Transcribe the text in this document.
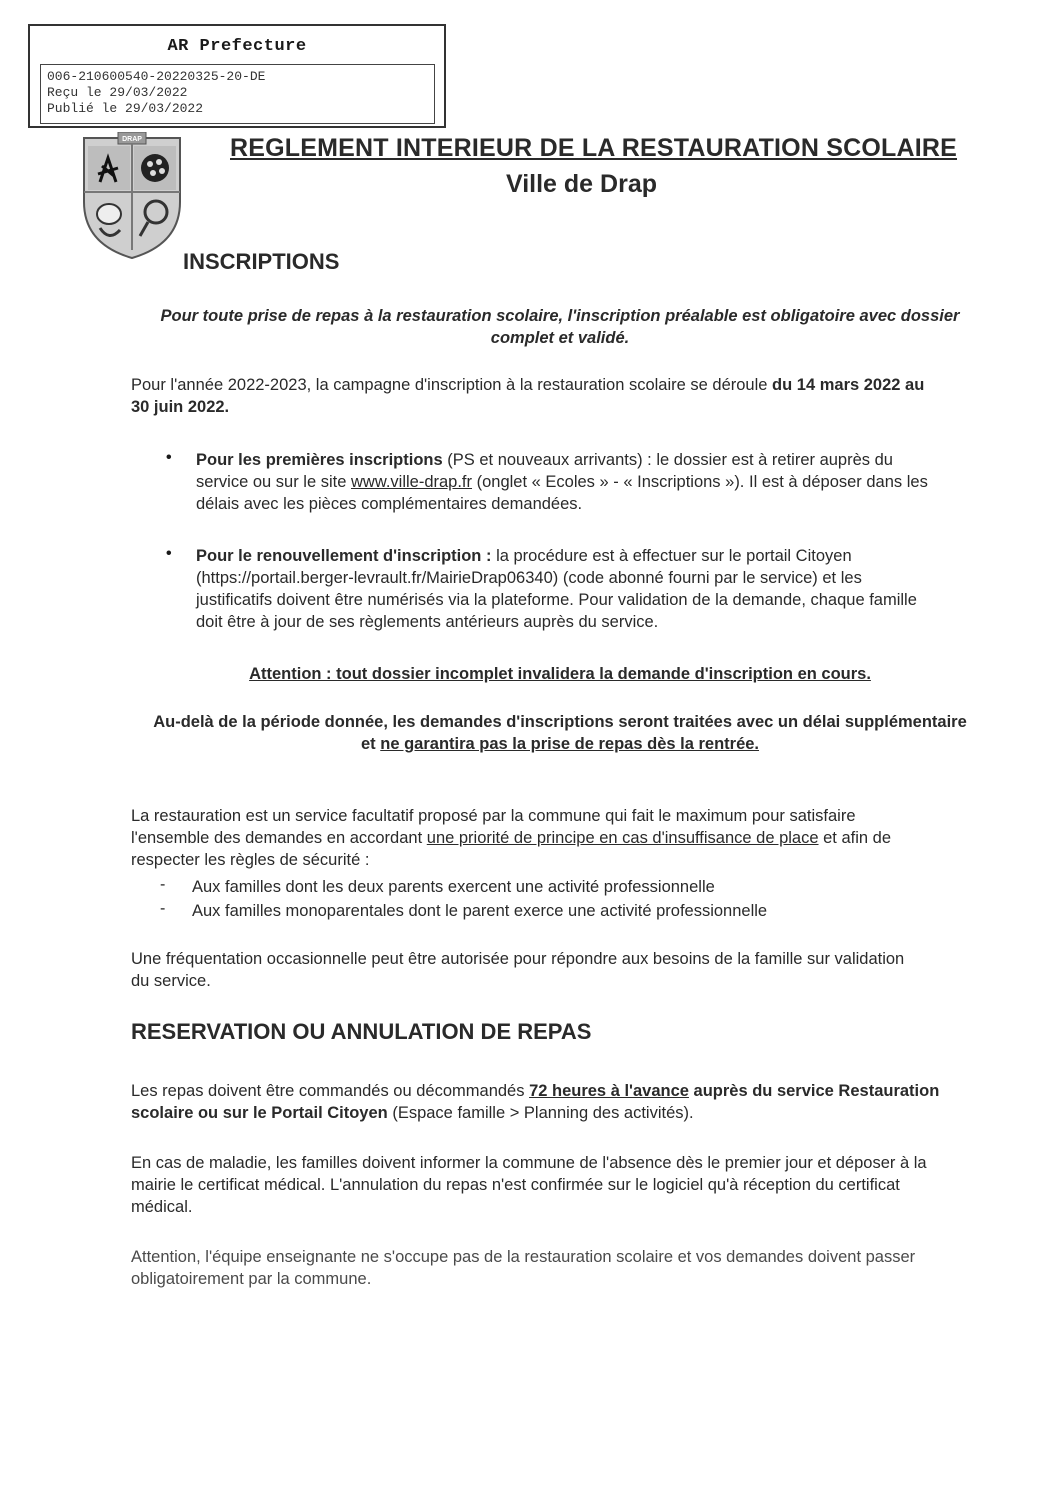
AR Prefecture
006-210600540-20220325-20-DE
Reçu le 29/03/2022
Publié le 29/03/2022
DRAP	REGLEMENT INTERIEUR DE LA RESTAURATION SCOLAIRE
Ville de Drap
INSCRIPTIONS
Pour toute prise de repas à la restauration scolaire, l'inscription préalable est obligatoire avec dossier
complet et validé.
Pour l'année 2022-2023, la campagne d'inscription à la restauration scolaire se déroule du 14 mars 2022 au
30 juin 2022.
• Pour les premières inscriptions (PS et nouveaux arrivants) : le dossier est à retirer auprès du
service ou sur le site www.ville-drap.fr (onglet « Ecoles » - « Inscriptions »). Il est à déposer dans les
délais avec les pièces complémentaires demandées.
• Pour le renouvellement d'inscription : la procédure est à effectuer sur le portail Citoyen
(https://portail.berger-levrault.fr/MairieDrap06340) (code abonné fourni par le service) et les
justificatifs doivent être numérisés via la plateforme. Pour validation de la demande, chaque famille
doit être à jour de ses règlements antérieurs auprès du service.
Attention : tout dossier incomplet invalidera la demande d'inscription en cours.
Au-delà de la période donnée, les demandes d'inscriptions seront traitées avec un délai supplémentaire
et ne garantira pas la prise de repas dès la rentrée.
La restauration est un service facultatif proposé par la commune qui fait le maximum pour satisfaire
l'ensemble des demandes en accordant une priorité de principe en cas d'insuffisance de place et afin de
respecter les règles de sécurité :
- Aux familles dont les deux parents exercent une activité professionnelle
- Aux familles monoparentales dont le parent exerce une activité professionnelle
Une fréquentation occasionnelle peut être autorisée pour répondre aux besoins de la famille sur validation
du service.
RESERVATION OU ANNULATION DE REPAS
Les repas doivent être commandés ou décommandés 72 heures à l'avance auprès du service Restauration
scolaire ou sur le Portail Citoyen (Espace famille > Planning des activités).
En cas de maladie, les familles doivent informer la commune de l'absence dès le premier jour et déposer à la
mairie le certificat médical. L'annulation du repas n'est confirmée sur le logiciel qu'à réception du certificat
médical.
Attention, l'équipe enseignante ne s'occupe pas de la restauration scolaire et vos demandes doivent passer
obligatoirement par la commune.
